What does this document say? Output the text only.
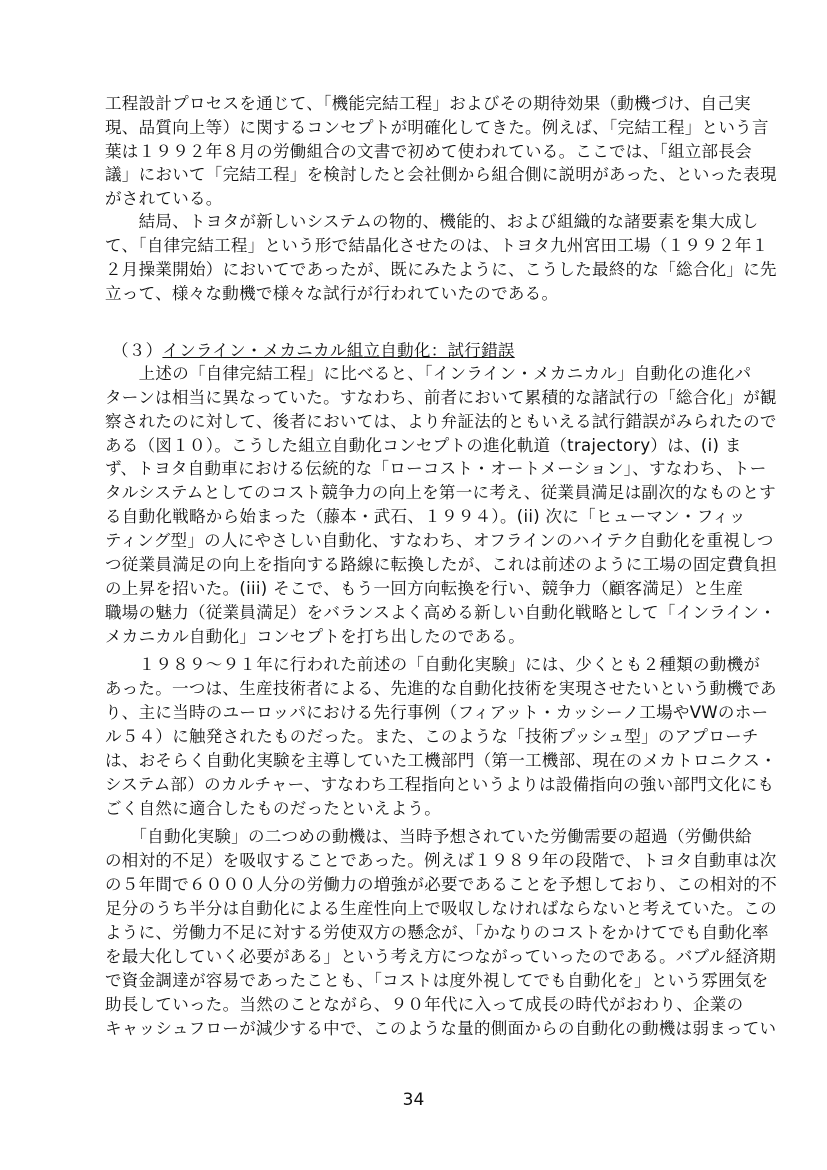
工程設計プロセスを通じて、「機能完結工程」およびその期待効果（動機づけ、自己実
現、品質向上等）に関するコンセプトが明確化してきた。例えば、「完結工程」という言
葉は１９９２年８月の労働組合の文書で初めて使われている。ここでは、「組立部長会
議」において「完結工程」を検討したと会社側から組合側に説明があった、といった表現
がされている。
　　結局、トヨタが新しいシステムの物的、機能的、および組織的な諸要素を集大成し
て、「自律完結工程」という形で結晶化させたのは、トヨタ九州宮田工場（１９９２年１
２月操業開始）においてであったが、既にみたように、こうした最終的な「総合化」に先
立って、様々な動機で様々な試行が行われていたのである。
（３）インライン・メカニカル組立自動化：試行錯誤
　　上述の「自律完結工程」に比べると、「インライン・メカニカル」自動化の進化パ
ターンは相当に異なっていた。すなわち、前者において累積的な諸試行の「総合化」が観
察されたのに対して、後者においては、より弁証法的ともいえる試行錯誤がみられたので
ある（図１０）。こうした組立自動化コンセプトの進化軌道（trajectory）は、(i) ま
ず、トヨタ自動車における伝統的な「ローコスト・オートメーション」、すなわち、トー
タルシステムとしてのコスト競争力の向上を第一に考え、従業員満足は副次的なものとす
る自動化戦略から始まった（藤本・武石、１９９４）。(ii) 次に「ヒューマン・フィッ
ティング型」の人にやさしい自動化、すなわち、オフラインのハイテク自動化を重視しつ
つ従業員満足の向上を指向する路線に転換したが、これは前述のように工場の固定費負担
の上昇を招いた。(iii) そこで、もう一回方向転換を行い、競争力（顧客満足）と生産
職場の魅力（従業員満足）をバランスよく高める新しい自動化戦略として「インライン・
メカニカル自動化」コンセプトを打ち出したのである。
　　１９８９～９１年に行われた前述の「自動化実験」には、少くとも２種類の動機が
あった。一つは、生産技術者による、先進的な自動化技術を実現させたいという動機であ
り、主に当時のユーロッパにおける先行事例（フィアット・カッシーノ工場やVWのホー
ル５４）に触発されたものだった。また、このような「技術プッシュ型」のアプローチ
は、おそらく自動化実験を主導していた工機部門（第一工機部、現在のメカトロニクス・
システム部）のカルチャー、すなわち工程指向というよりは設備指向の強い部門文化にも
ごく自然に適合したものだったといえよう。
　　「自動化実験」の二つめの動機は、当時予想されていた労働需要の超過（労働供給
の相対的不足）を吸収することであった。例えば１９８９年の段階で、トヨタ自動車は次
の５年間で６０００人分の労働力の増強が必要であることを予想しており、この相対的不
足分のうち半分は自動化による生産性向上で吸収しなければならないと考えていた。この
ように、労働力不足に対する労使双方の懸念が、「かなりのコストをかけてでも自動化率
を最大化していく必要がある」という考え方につながっていったのである。バブル経済期
で資金調達が容易であったことも、「コストは度外視してでも自動化を」という雰囲気を
助長していった。当然のことながら、９０年代に入って成長の時代がおわり、企業の
キャッシュフローが減少する中で、このような量的側面からの自動化の動機は弱まってい
34
